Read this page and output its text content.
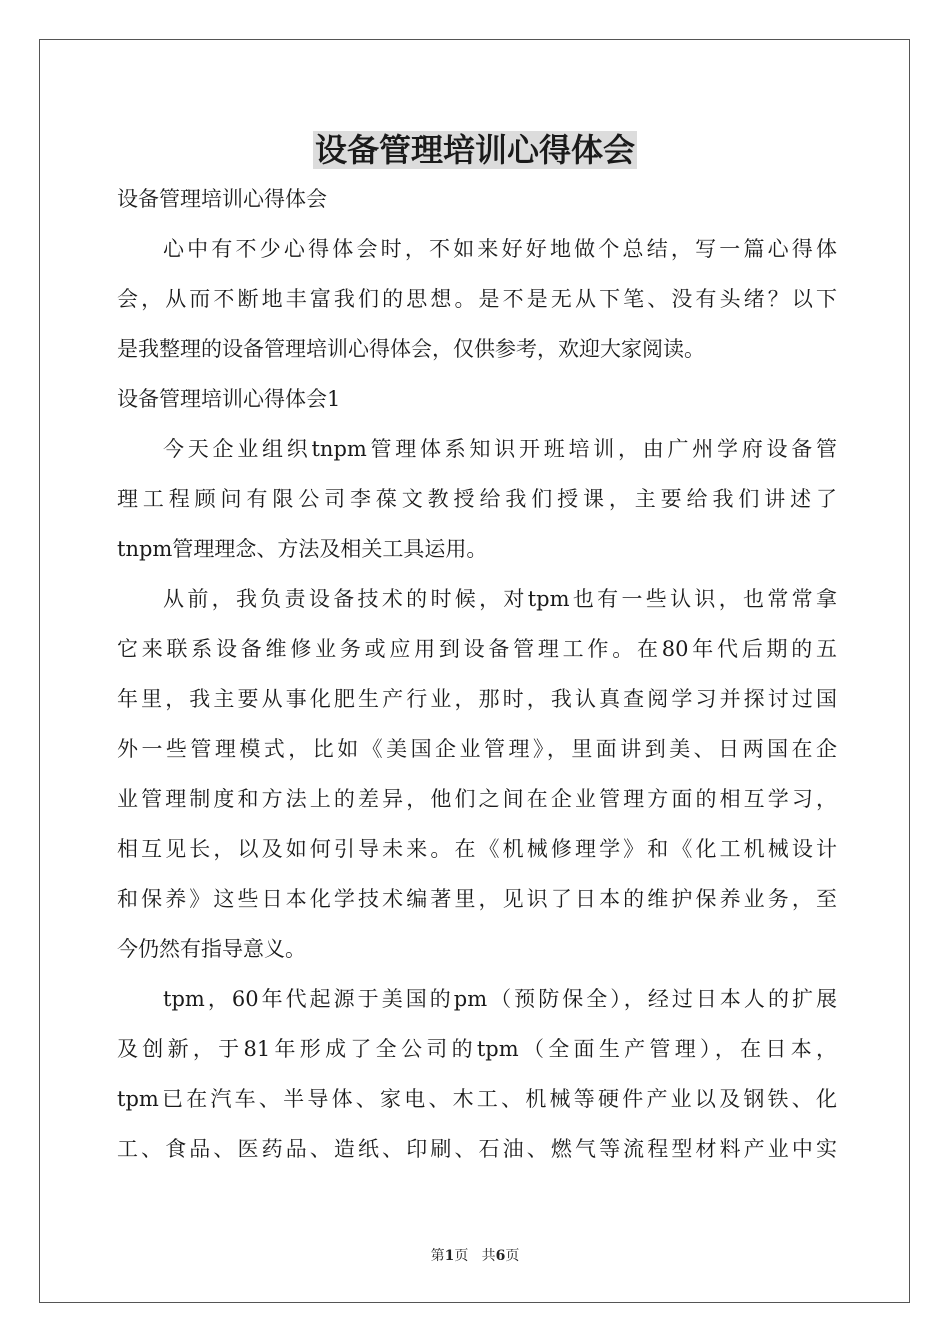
设备管理培训心得体会
设备管理培训心得体会
心中有不少心得体会时，不如来好好地做个总结，写一篇心得体
会，从而不断地丰富我们的思想。是不是无从下笔、没有头绪？以下
是我整理的设备管理培训心得体会，仅供参考，欢迎大家阅读。
设备管理培训心得体会1
今天企业组织tnpm管理体系知识开班培训，由广州学府设备管
理工程顾问有限公司李葆文教授给我们授课，主要给我们讲述了
tnpm管理理念、方法及相关工具运用。
从前，我负责设备技术的时候，对tpm也有一些认识，也常常拿
它来联系设备维修业务或应用到设备管理工作。在80年代后期的五
年里，我主要从事化肥生产行业，那时，我认真查阅学习并探讨过国
外一些管理模式，比如《美国企业管理》，里面讲到美、日两国在企
业管理制度和方法上的差异，他们之间在企业管理方面的相互学习，
相互见长，以及如何引导未来。在《机械修理学》和《化工机械设计
和保养》这些日本化学技术编著里，见识了日本的维护保养业务，至
今仍然有指导意义。
tpm，60年代起源于美国的pm（预防保全），经过日本人的扩展
及创新，于81年形成了全公司的tpm（全面生产管理），在日本，
tpm已在汽车、半导体、家电、木工、机械等硬件产业以及钢铁、化
工、食品、医药品、造纸、印刷、石油、燃气等流程型材料产业中实
第1页 共6页
